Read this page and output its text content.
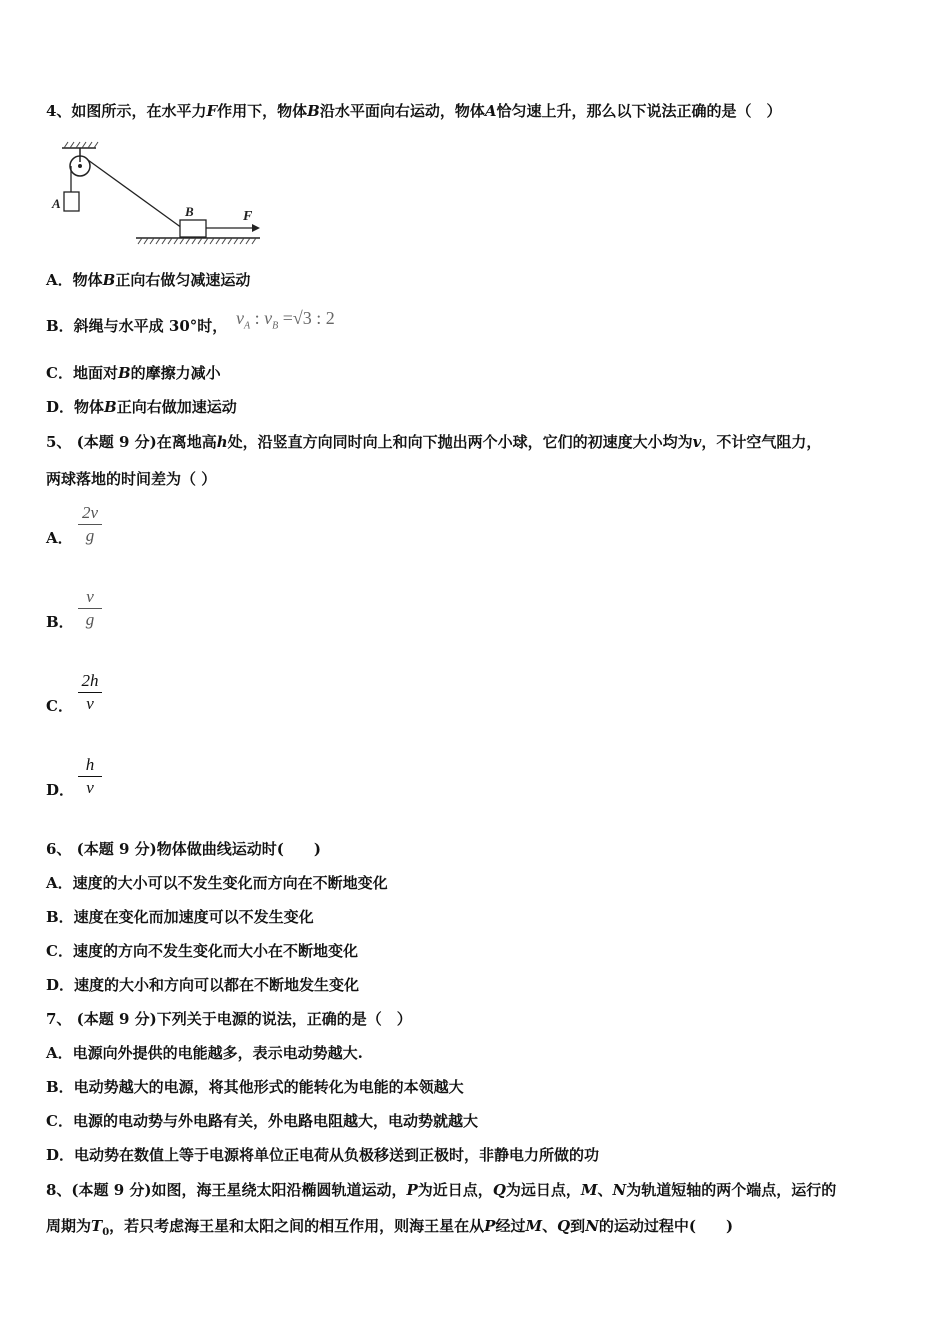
4、如图所示，在水平力F作用下，物体B沿水平面向右运动，物体A恰匀速上升，那么以下说法正确的是（　）
A
B	F
A．物体B正向右做匀减速运动
B．斜绳与水平成 30°时， $v_A$ : $v_B =√3$ : 2
C．地面对B的摩擦力减小
D．物体B正向右做加速运动
5、 (本题 9 分)在离地高h处，沿竖直方向同时向上和向下抛出两个小球，它们的初速度大小均为v，不计空气阻力，
两球落地的时间差为（ ）
A．
2v
g
B．
v
g
C．
2h
v
D．
h
v
6、 (本题 9 分)物体做曲线运动时(　　)
A．速度的大小可以不发生变化而方向在不断地变化
B．速度在变化而加速度可以不发生变化
C．速度的方向不发生变化而大小在不断地变化
D．速度的大小和方向可以都在不断地发生变化
7、 (本题 9 分)下列关于电源的说法，正确的是（　）
A．电源向外提供的电能越多，表示电动势越大.
B．电动势越大的电源，将其他形式的能转化为电能的本领越大
C．电源的电动势与外电路有关，外电路电阻越大，电动势就越大
D．电动势在数值上等于电源将单位正电荷从负极移送到正极时，非静电力所做的功
8、(本题 9 分)如图，海王星绕太阳沿椭圆轨道运动，P为近日点，Q为远日点，M、N为轨道短轴的两个端点，运行的
周期为$T_0$，若只考虑海王星和太阳之间的相互作用，则海王星在从P经过M、Q到N的运动过程中(　　)
